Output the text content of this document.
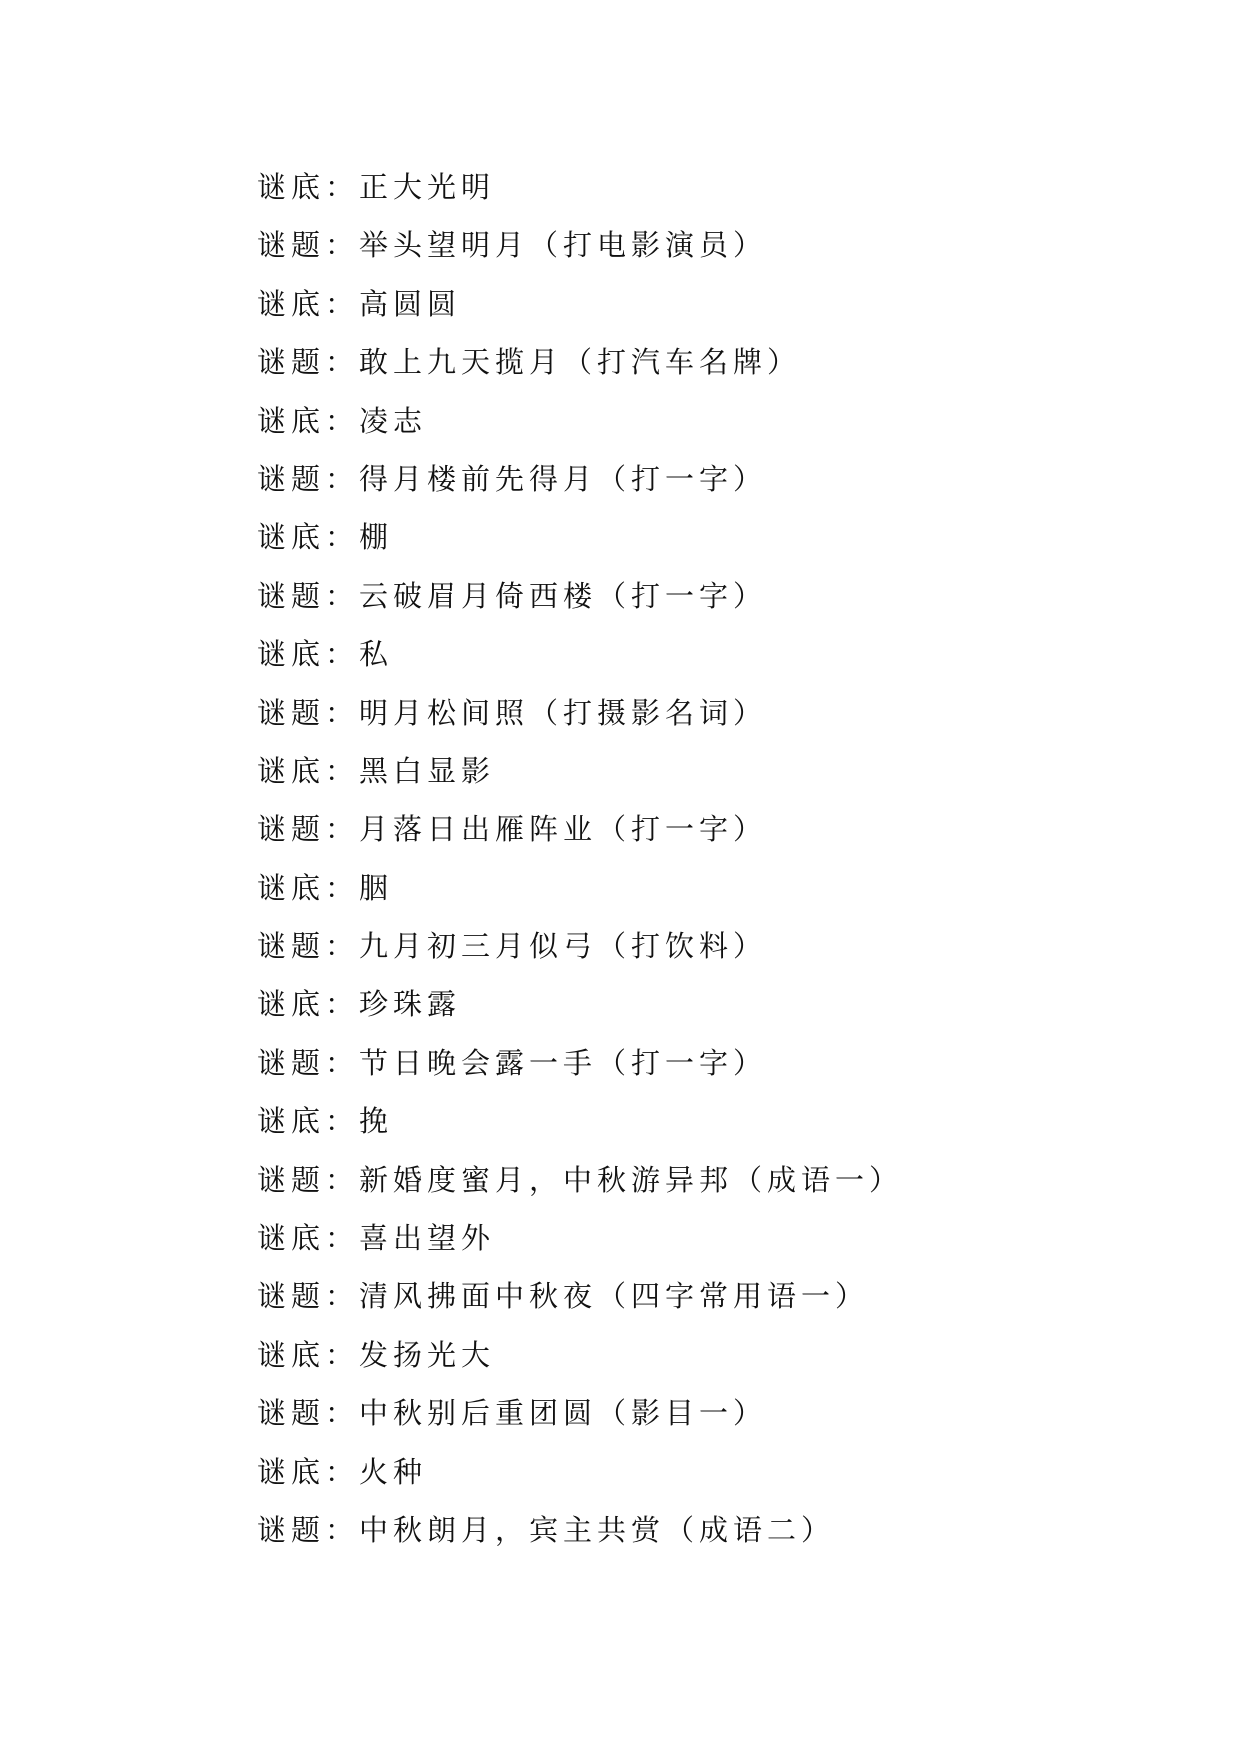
谜底：正大光明
谜题：举头望明月（打电影演员）
谜底：高圆圆
谜题：敢上九天揽月（打汽车名牌）
谜底：凌志
谜题：得月楼前先得月（打一字）
谜底：棚
谜题：云破眉月倚西楼（打一字）
谜底：私
谜题：明月松间照（打摄影名词）
谜底：黑白显影
谜题：月落日出雁阵业（打一字）
谜底：胭
谜题：九月初三月似弓（打饮料）
谜底：珍珠露
谜题：节日晚会露一手（打一字）
谜底：挽
谜题：新婚度蜜月，中秋游异邦（成语一）
谜底：喜出望外
谜题：清风拂面中秋夜（四字常用语一）
谜底：发扬光大
谜题：中秋别后重团圆（影目一）
谜底：火种
谜题：中秋朗月，宾主共赏（成语二）
